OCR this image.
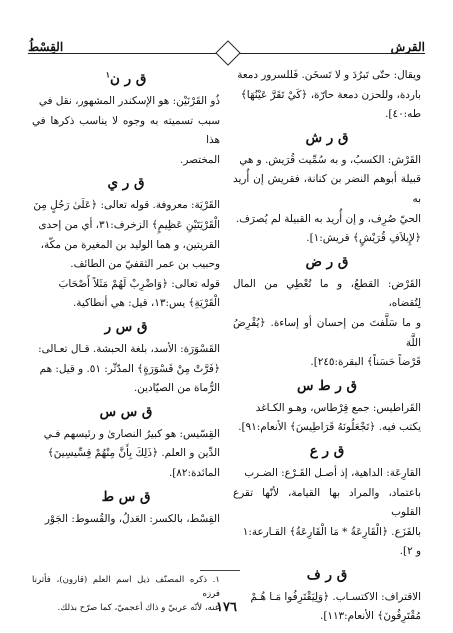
القرش
القِسْطُ

ويقال: حتّى تَبرُدَ و لا تَسخَن. فَللسرور دمعة

باردة، وللحزن دمعة حارّة، ﴿كَيْ تَقَرَّ عَيْنُهَا﴾

طه:٤٠].

ق ر ش

القَرْش: الكسبُ، و به سُمِّيت قُرَيش. و هي

قبيلة أبوهم النضر بن كنانة، فقريش إن أُريد به

الحيّ صُرِف، و إن أُريد به القبيلة لم يُصرَف.

﴿لإِيلاَفِ قُرَيْشٍ﴾ قريش:١].

ق ر ض

القَرْض: القطعُ، و ما تُعْطِي من المال لِتُقضاه،

و ما سَلَّفتَ من إحسان أو إساءة. ﴿يُقْرِضُ اللَّهَ

قَرْضاً حَسَناً﴾ البقرة:٢٤٥].

ق ر ط س

القَراطيس: جمع قِرْطاس، وهـو الكـاغد

يكتب فيه. ﴿تَجْعَلُونَهُ قَرَاطِيسَ﴾ الأنعام:٩١].

ق ر ع

القارِعَة: الداهية، إذ أصـل القَـرْع: الضـرب

باعتماد، والمراد بها القيامة، لأنّها تقرع القلوب

بالفَزَع. ﴿الْقَارِعَةُ * مَا الْقَارِعَةُ﴾ القـارعة:١

و ٢].

ق ر ف

الاقتراف: الاكتسـاب. ﴿وَلِيَقْتَرِفُوا مَـا هُـمْ

مُقْتَرِفُونَ﴾ الأنعام:١١٣].

ق ر ن$^١$

ذُو القَرْنَيْن: هو الإسكندر المشهور، نقل في

سبب تسميته به وجوه لا يناسب ذكرها في هذا

المختصر.

ق ر ي

القَرْيَة: معروفة. قوله تعالى: ﴿عَلَىٰ رَجُلٍ مِنَ

الْقَرْيَتَيْنِ عَظِيمٍ﴾ الزخرف:٣١، أي من إحدى

القريتين، و هما الوليد بن المغيرة من مكّة،

وحبيب بن عمر الثقفيّ من الطائف.

قوله تعالى: ﴿وَاضْرِبْ لَهُمْ مَثَلاً أَصْحَابَ

الْقَرْيَةِ﴾ يس:١٣، قيل: هي أنطاكية.

ق س ر

القَسْوَرَة: الأسد، بلغة الحبشة. قـال تعـالى:

﴿فَرَّتْ مِنْ قَسْوَرَةٍ﴾ المدّثّر: ٥١. و قيل: هم

الرُّماة من الصيّادين.

ق س س

القِسّيس: هو كبيرُ النصارىٰ و رئيسهم فـي

الدِّين و العلم. ﴿ذَلِكَ بِأَنَّ مِنْهُمْ قِسِّيسِينَ﴾

المائدة:٨٢].

ق س ط

القِسْط، بالكسر: العَدلُ، والقُسوط: الجَوْر

١. ذكره المصنّف ذيل اسم العلم (قارون)، فأثرنا فرزه

عنه، لأنّه عربيّ و ذاك أعجميّ، كما صرّح بذلك.

١٧٦
